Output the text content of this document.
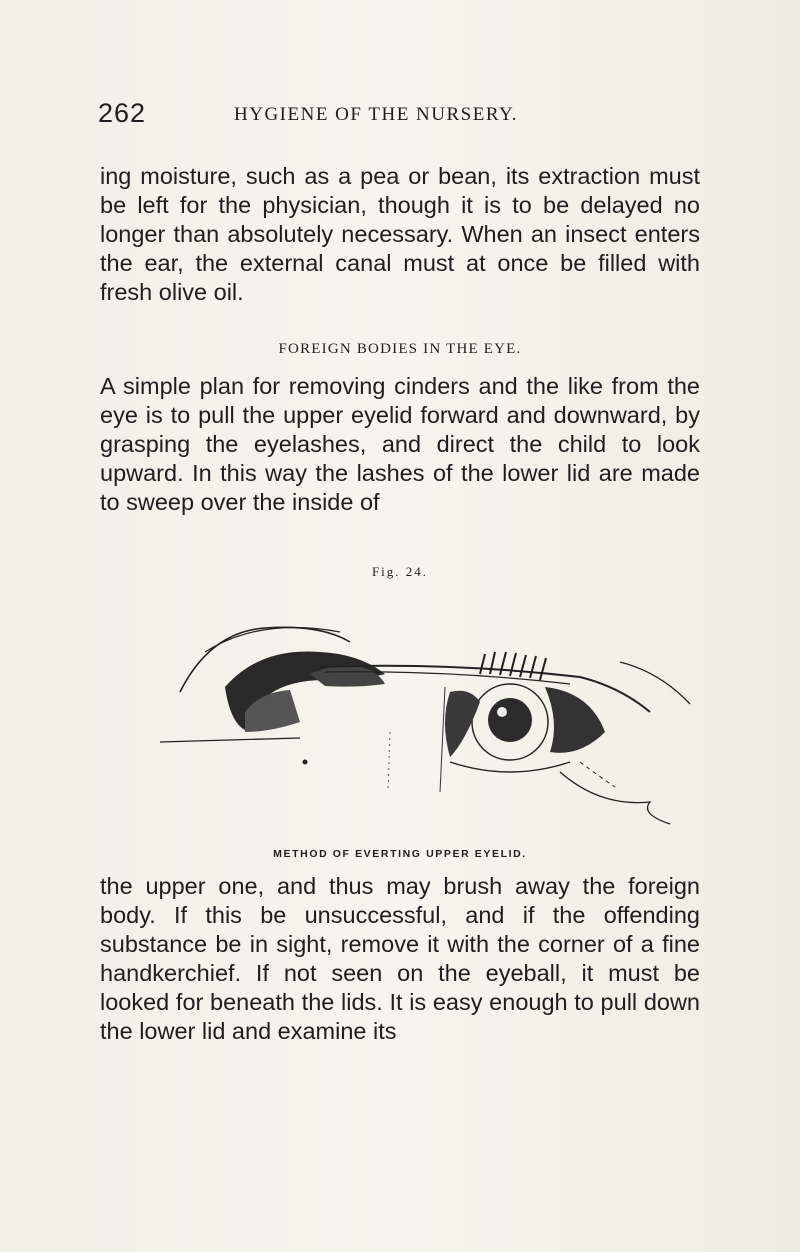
262	HYGIENE OF THE NURSERY.

ing moisture, such as a pea or bean, its extraction must be left for the physician, though it is to be delayed no longer than absolutely necessary. When an insect enters the ear, the external canal must at once be filled with fresh olive oil.

FOREIGN BODIES IN THE EYE.

A simple plan for removing cinders and the like from the eye is to pull the upper eyelid forward and downward, by grasping the eyelashes, and direct the child to look upward. In this way the lashes of the lower lid are made to sweep over the inside of

Fig. 24.
METHOD OF EVERTING UPPER EYELID.

the upper one, and thus may brush away the foreign body. If this be unsuccessful, and if the offending substance be in sight, remove it with the corner of a fine handkerchief. If not seen on the eyeball, it must be looked for beneath the lids. It is easy enough to pull down the lower lid and examine its
